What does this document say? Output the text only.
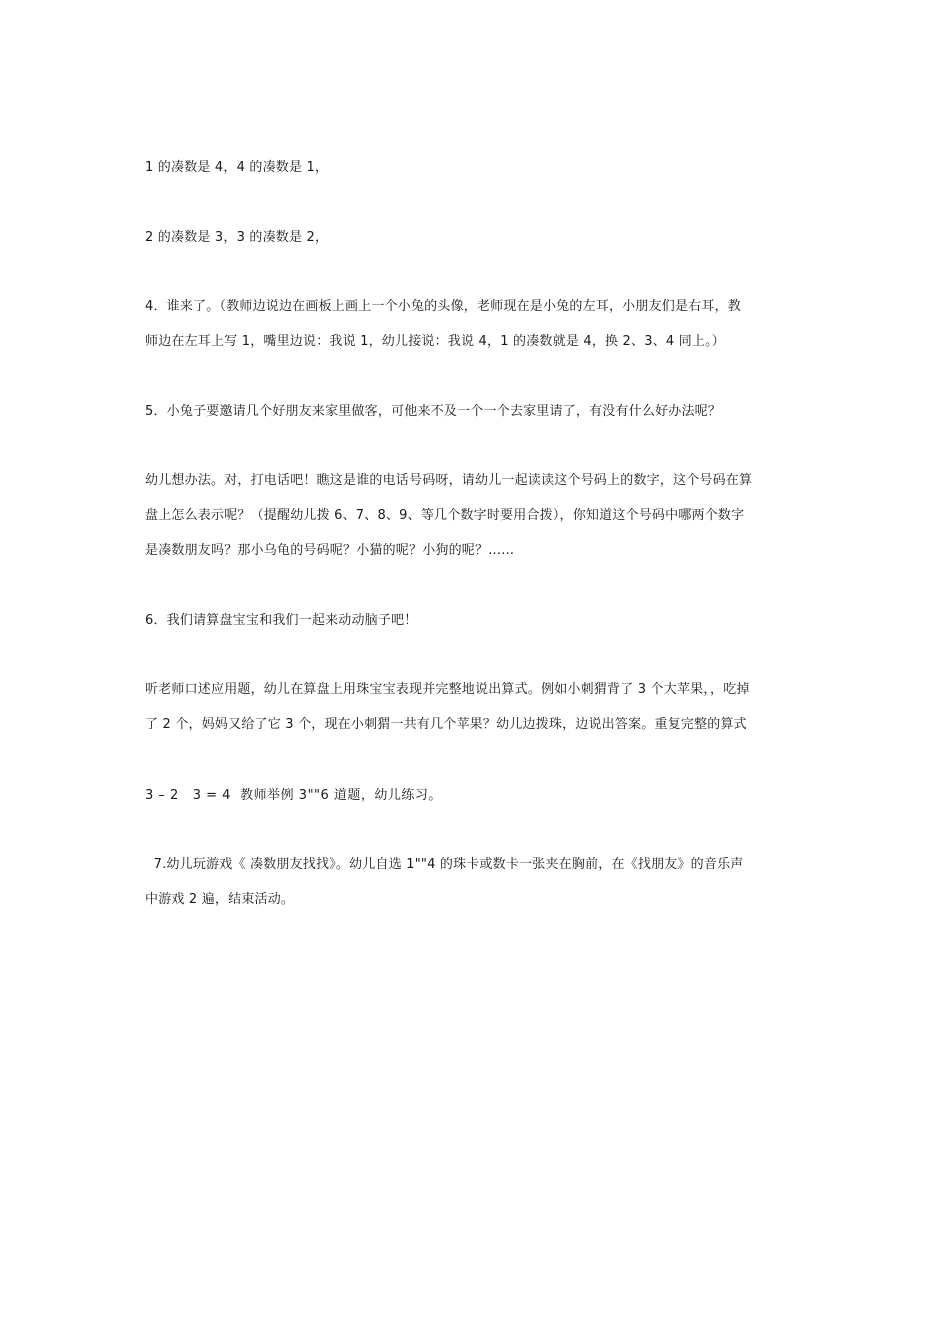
1 的凑数是 4，4 的凑数是 1，
2 的凑数是 3，3 的凑数是 2，
4．谁来了。（教师边说边在画板上画上一个小兔的头像，老师现在是小兔的左耳，小朋友们是右耳，教
师边在左耳上写 1，嘴里边说：我说 1，幼儿接说：我说 4，1 的凑数就是 4，换 2、3、4 同上。）
5．小兔子要邀请几个好朋友来家里做客，可他来不及一个一个去家里请了，有没有什么好办法呢？
幼儿想办法。对，打电话吧！瞧这是谁的电话号码呀，请幼儿一起读读这个号码上的数字，这个号码在算
盘上怎么表示呢？（提醒幼儿拨 6、7、8、9、等几个数字时要用合拨），你知道这个号码中哪两个数字
是凑数朋友吗？那小乌龟的号码呢？小猫的呢？小狗的呢？......
6．我们请算盘宝宝和我们一起来动动脑子吧！
听老师口述应用题，幼儿在算盘上用珠宝宝表现并完整地说出算式。例如小刺猬背了 3 个大苹果，，吃掉
了 2 个，妈妈又给了它 3 个，现在小刺猬一共有几个苹果？幼儿边拨珠，边说出答案。重复完整的算式
3 – 2   3 = 4  教师举例 3""6 道题，幼儿练习。
7.幼儿玩游戏《 凑数朋友找找》。幼儿自选 1""4 的珠卡或数卡一张夹在胸前，在《找朋友》的音乐声
中游戏 2 遍，结束活动。
